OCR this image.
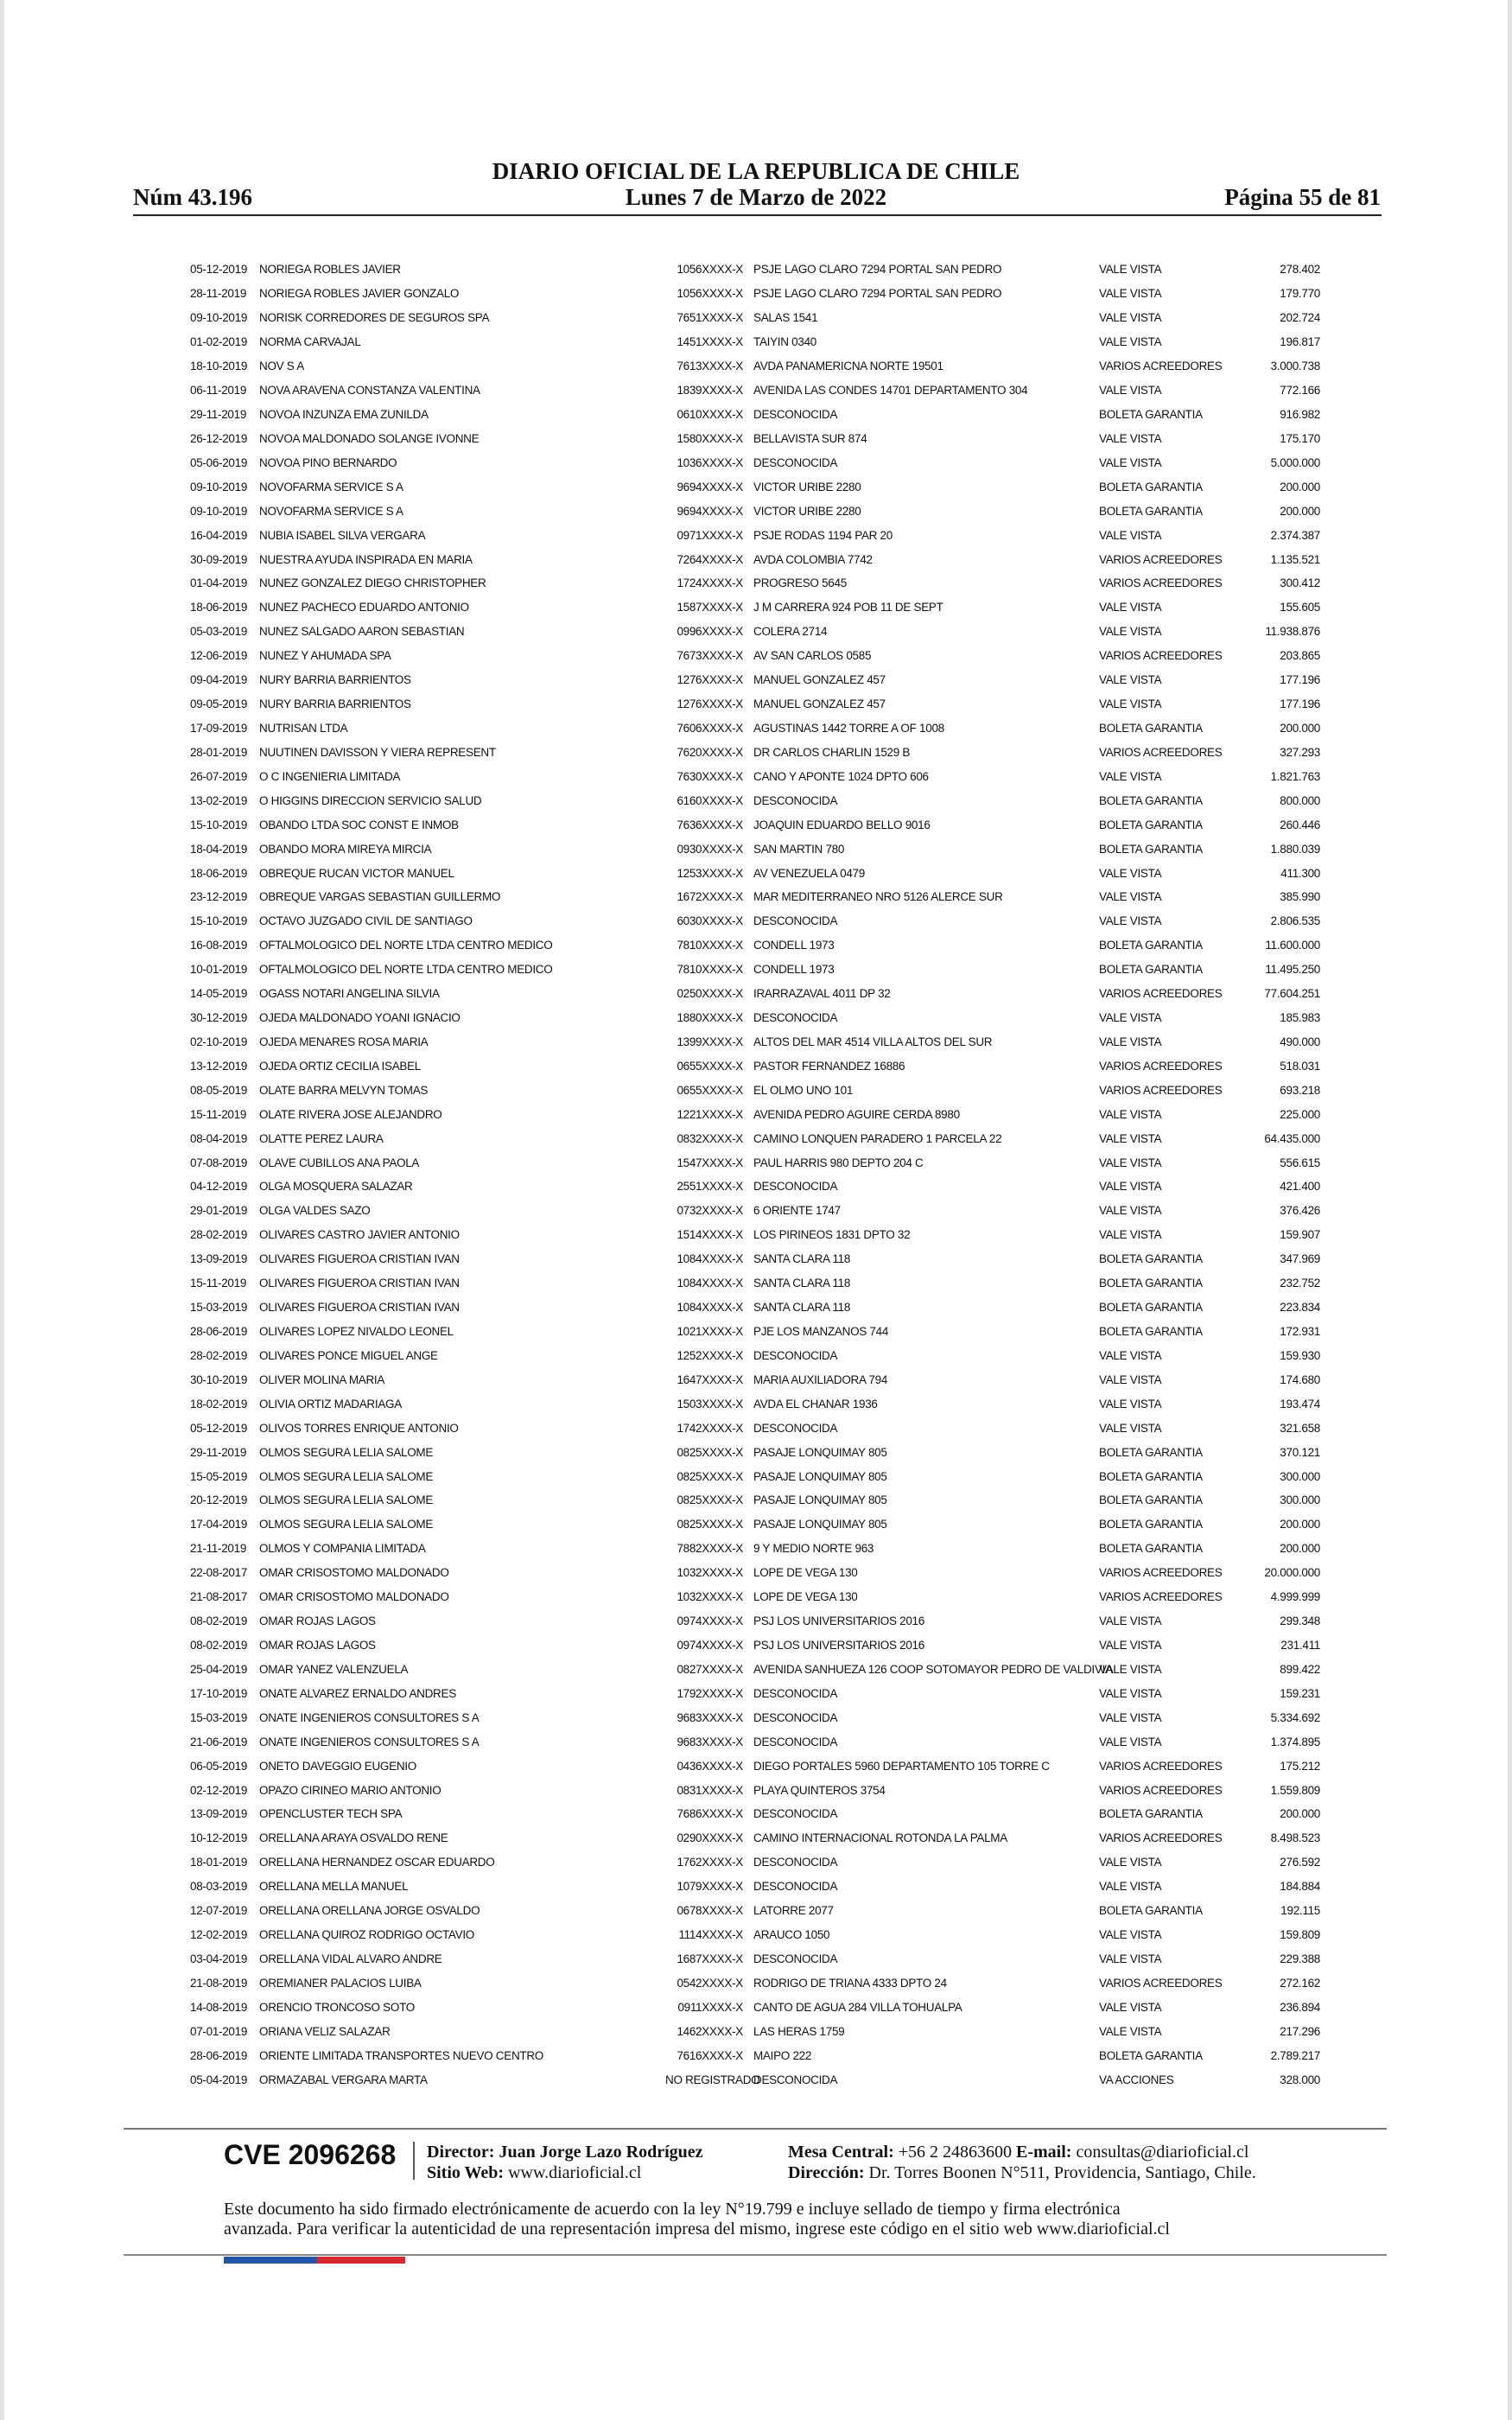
DIARIO OFICIAL DE LA REPUBLICA DE CHILE
Núm 43.196	Lunes 7 de Marzo de 2022	Página 55 de 81
05-12-2019	NORIEGA ROBLES JAVIER	1056XXXX-X	PSJE LAGO CLARO 7294 PORTAL SAN PEDRO	VALE VISTA	278.402
28-11-2019	NORIEGA ROBLES JAVIER GONZALO	1056XXXX-X	PSJE LAGO CLARO 7294 PORTAL SAN PEDRO	VALE VISTA	179.770
09-10-2019	NORISK CORREDORES DE SEGUROS SPA	7651XXXX-X	SALAS 1541	VALE VISTA	202.724
01-02-2019	NORMA CARVAJAL	1451XXXX-X	TAIYIN 0340	VALE VISTA	196.817
18-10-2019	NOV S A	7613XXXX-X	AVDA PANAMERICNA NORTE 19501	VARIOS ACREEDORES	3.000.738
06-11-2019	NOVA ARAVENA CONSTANZA VALENTINA	1839XXXX-X	AVENIDA LAS CONDES 14701 DEPARTAMENTO 304	VALE VISTA	772.166
29-11-2019	NOVOA INZUNZA EMA ZUNILDA	0610XXXX-X	DESCONOCIDA	BOLETA GARANTIA	916.982
26-12-2019	NOVOA MALDONADO SOLANGE IVONNE	1580XXXX-X	BELLAVISTA SUR 874	VALE VISTA	175.170
05-06-2019	NOVOA PINO BERNARDO	1036XXXX-X	DESCONOCIDA	VALE VISTA	5.000.000
09-10-2019	NOVOFARMA SERVICE S A	9694XXXX-X	VICTOR URIBE 2280	BOLETA GARANTIA	200.000
09-10-2019	NOVOFARMA SERVICE S A	9694XXXX-X	VICTOR URIBE 2280	BOLETA GARANTIA	200.000
16-04-2019	NUBIA ISABEL SILVA VERGARA	0971XXXX-X	PSJE RODAS 1194 PAR 20	VALE VISTA	2.374.387
30-09-2019	NUESTRA AYUDA INSPIRADA EN MARIA	7264XXXX-X	AVDA COLOMBIA 7742	VARIOS ACREEDORES	1.135.521
01-04-2019	NUNEZ GONZALEZ DIEGO CHRISTOPHER	1724XXXX-X	PROGRESO 5645	VARIOS ACREEDORES	300.412
18-06-2019	NUNEZ PACHECO EDUARDO ANTONIO	1587XXXX-X	J M CARRERA 924 POB 11 DE SEPT	VALE VISTA	155.605
05-03-2019	NUNEZ SALGADO AARON SEBASTIAN	0996XXXX-X	COLERA 2714	VALE VISTA	11.938.876
12-06-2019	NUNEZ Y AHUMADA SPA	7673XXXX-X	AV SAN CARLOS 0585	VARIOS ACREEDORES	203.865
09-04-2019	NURY BARRIA BARRIENTOS	1276XXXX-X	MANUEL GONZALEZ 457	VALE VISTA	177.196
09-05-2019	NURY BARRIA BARRIENTOS	1276XXXX-X	MANUEL GONZALEZ 457	VALE VISTA	177.196
17-09-2019	NUTRISAN LTDA	7606XXXX-X	AGUSTINAS 1442 TORRE A OF 1008	BOLETA GARANTIA	200.000
28-01-2019	NUUTINEN DAVISSON Y VIERA REPRESENT	7620XXXX-X	DR CARLOS CHARLIN 1529 B	VARIOS ACREEDORES	327.293
26-07-2019	O C INGENIERIA LIMITADA	7630XXXX-X	CANO Y APONTE 1024 DPTO 606	VALE VISTA	1.821.763
13-02-2019	O HIGGINS DIRECCION SERVICIO SALUD	6160XXXX-X	DESCONOCIDA	BOLETA GARANTIA	800.000
15-10-2019	OBANDO LTDA SOC CONST E INMOB	7636XXXX-X	JOAQUIN EDUARDO BELLO 9016	BOLETA GARANTIA	260.446
18-04-2019	OBANDO MORA MIREYA MIRCIA	0930XXXX-X	SAN MARTIN 780	BOLETA GARANTIA	1.880.039
18-06-2019	OBREQUE RUCAN VICTOR MANUEL	1253XXXX-X	AV VENEZUELA 0479	VALE VISTA	411.300
23-12-2019	OBREQUE VARGAS SEBASTIAN GUILLERMO	1672XXXX-X	MAR MEDITERRANEO NRO 5126 ALERCE SUR	VALE VISTA	385.990
15-10-2019	OCTAVO JUZGADO CIVIL DE SANTIAGO	6030XXXX-X	DESCONOCIDA	VALE VISTA	2.806.535
16-08-2019	OFTALMOLOGICO DEL NORTE LTDA CENTRO MEDICO	7810XXXX-X	CONDELL 1973	BOLETA GARANTIA	11.600.000
10-01-2019	OFTALMOLOGICO DEL NORTE LTDA CENTRO MEDICO	7810XXXX-X	CONDELL 1973	BOLETA GARANTIA	11.495.250
14-05-2019	OGASS NOTARI ANGELINA SILVIA	0250XXXX-X	IRARRAZAVAL 4011 DP 32	VARIOS ACREEDORES	77.604.251
30-12-2019	OJEDA MALDONADO YOANI IGNACIO	1880XXXX-X	DESCONOCIDA	VALE VISTA	185.983
02-10-2019	OJEDA MENARES ROSA MARIA	1399XXXX-X	ALTOS DEL MAR 4514 VILLA ALTOS DEL SUR	VALE VISTA	490.000
13-12-2019	OJEDA ORTIZ CECILIA ISABEL	0655XXXX-X	PASTOR FERNANDEZ 16886	VARIOS ACREEDORES	518.031
08-05-2019	OLATE BARRA MELVYN TOMAS	0655XXXX-X	EL OLMO UNO 101	VARIOS ACREEDORES	693.218
15-11-2019	OLATE RIVERA JOSE ALEJANDRO	1221XXXX-X	AVENIDA PEDRO AGUIRE CERDA 8980	VALE VISTA	225.000
08-04-2019	OLATTE PEREZ LAURA	0832XXXX-X	CAMINO LONQUEN PARADERO 1 PARCELA 22	VALE VISTA	64.435.000
07-08-2019	OLAVE CUBILLOS ANA PAOLA	1547XXXX-X	PAUL HARRIS 980 DEPTO 204 C	VALE VISTA	556.615
04-12-2019	OLGA MOSQUERA SALAZAR	2551XXXX-X	DESCONOCIDA	VALE VISTA	421.400
29-01-2019	OLGA VALDES SAZO	0732XXXX-X	6 ORIENTE 1747	VALE VISTA	376.426
28-02-2019	OLIVARES CASTRO JAVIER ANTONIO	1514XXXX-X	LOS PIRINEOS 1831 DPTO 32	VALE VISTA	159.907
13-09-2019	OLIVARES FIGUEROA CRISTIAN IVAN	1084XXXX-X	SANTA CLARA 118	BOLETA GARANTIA	347.969
15-11-2019	OLIVARES FIGUEROA CRISTIAN IVAN	1084XXXX-X	SANTA CLARA 118	BOLETA GARANTIA	232.752
15-03-2019	OLIVARES FIGUEROA CRISTIAN IVAN	1084XXXX-X	SANTA CLARA 118	BOLETA GARANTIA	223.834
28-06-2019	OLIVARES LOPEZ NIVALDO LEONEL	1021XXXX-X	PJE LOS MANZANOS 744	BOLETA GARANTIA	172.931
28-02-2019	OLIVARES PONCE MIGUEL ANGE	1252XXXX-X	DESCONOCIDA	VALE VISTA	159.930
30-10-2019	OLIVER MOLINA MARIA	1647XXXX-X	MARIA AUXILIADORA 794	VALE VISTA	174.680
18-02-2019	OLIVIA ORTIZ MADARIAGA	1503XXXX-X	AVDA EL CHANAR 1936	VALE VISTA	193.474
05-12-2019	OLIVOS TORRES ENRIQUE ANTONIO	1742XXXX-X	DESCONOCIDA	VALE VISTA	321.658
29-11-2019	OLMOS SEGURA LELIA SALOME	0825XXXX-X	PASAJE LONQUIMAY 805	BOLETA GARANTIA	370.121
15-05-2019	OLMOS SEGURA LELIA SALOME	0825XXXX-X	PASAJE LONQUIMAY 805	BOLETA GARANTIA	300.000
20-12-2019	OLMOS SEGURA LELIA SALOME	0825XXXX-X	PASAJE LONQUIMAY 805	BOLETA GARANTIA	300.000
17-04-2019	OLMOS SEGURA LELIA SALOME	0825XXXX-X	PASAJE LONQUIMAY 805	BOLETA GARANTIA	200.000
21-11-2019	OLMOS Y COMPANIA LIMITADA	7882XXXX-X	9 Y MEDIO NORTE 963	BOLETA GARANTIA	200.000
22-08-2017	OMAR CRISOSTOMO MALDONADO	1032XXXX-X	LOPE DE VEGA 130	VARIOS ACREEDORES	20.000.000
21-08-2017	OMAR CRISOSTOMO MALDONADO	1032XXXX-X	LOPE DE VEGA 130	VARIOS ACREEDORES	4.999.999
08-02-2019	OMAR ROJAS LAGOS	0974XXXX-X	PSJ LOS UNIVERSITARIOS 2016	VALE VISTA	299.348
08-02-2019	OMAR ROJAS LAGOS	0974XXXX-X	PSJ LOS UNIVERSITARIOS 2016	VALE VISTA	231.411
25-04-2019	OMAR YANEZ VALENZUELA	0827XXXX-X	AVENIDA SANHUEZA 126 COOP SOTOMAYOR PEDRO DE VALDIVIA	VALE VISTA	899.422
17-10-2019	ONATE ALVAREZ ERNALDO ANDRES	1792XXXX-X	DESCONOCIDA	VALE VISTA	159.231
15-03-2019	ONATE INGENIEROS CONSULTORES S A	9683XXXX-X	DESCONOCIDA	VALE VISTA	5.334.692
21-06-2019	ONATE INGENIEROS CONSULTORES S A	9683XXXX-X	DESCONOCIDA	VALE VISTA	1.374.895
06-05-2019	ONETO DAVEGGIO EUGENIO	0436XXXX-X	DIEGO PORTALES 5960 DEPARTAMENTO 105 TORRE C	VARIOS ACREEDORES	175.212
02-12-2019	OPAZO CIRINEO MARIO ANTONIO	0831XXXX-X	PLAYA QUINTEROS 3754	VARIOS ACREEDORES	1.559.809
13-09-2019	OPENCLUSTER TECH SPA	7686XXXX-X	DESCONOCIDA	BOLETA GARANTIA	200.000
10-12-2019	ORELLANA ARAYA OSVALDO RENE	0290XXXX-X	CAMINO INTERNACIONAL ROTONDA LA PALMA	VARIOS ACREEDORES	8.498.523
18-01-2019	ORELLANA HERNANDEZ OSCAR EDUARDO	1762XXXX-X	DESCONOCIDA	VALE VISTA	276.592
08-03-2019	ORELLANA MELLA MANUEL	1079XXXX-X	DESCONOCIDA	VALE VISTA	184.884
12-07-2019	ORELLANA ORELLANA JORGE OSVALDO	0678XXXX-X	LATORRE 2077	BOLETA GARANTIA	192.115
12-02-2019	ORELLANA QUIROZ RODRIGO OCTAVIO	1114XXXX-X	ARAUCO 1050	VALE VISTA	159.809
03-04-2019	ORELLANA VIDAL ALVARO ANDRE	1687XXXX-X	DESCONOCIDA	VALE VISTA	229.388
21-08-2019	OREMIANER PALACIOS LUIBA	0542XXXX-X	RODRIGO DE TRIANA 4333 DPTO 24	VARIOS ACREEDORES	272.162
14-08-2019	ORENCIO TRONCOSO SOTO	0911XXXX-X	CANTO DE AGUA 284 VILLA TOHUALPA	VALE VISTA	236.894
07-01-2019	ORIANA VELIZ SALAZAR	1462XXXX-X	LAS HERAS 1759	VALE VISTA	217.296
28-06-2019	ORIENTE LIMITADA TRANSPORTES NUEVO CENTRO	7616XXXX-X	MAIPO 222	BOLETA GARANTIA	2.789.217
05-04-2019	ORMAZABAL VERGARA MARTA	NO REGISTRADO	DESCONOCIDA	VA ACCIONES	328.000
CVE 2096268 Director: Juan Jorge Lazo Rodríguez
Sitio Web: www.diarioficial.cl
Mesa Central: +56 2 24863600 E-mail: consultas@diarioficial.cl
Dirección: Dr. Torres Boonen N°511, Providencia, Santiago, Chile.
Este documento ha sido firmado electrónicamente de acuerdo con la ley N°19.799 e incluye sellado de tiempo y firma electrónica
avanzada. Para verificar la autenticidad de una representación impresa del mismo, ingrese este código en el sitio web www.diarioficial.cl
